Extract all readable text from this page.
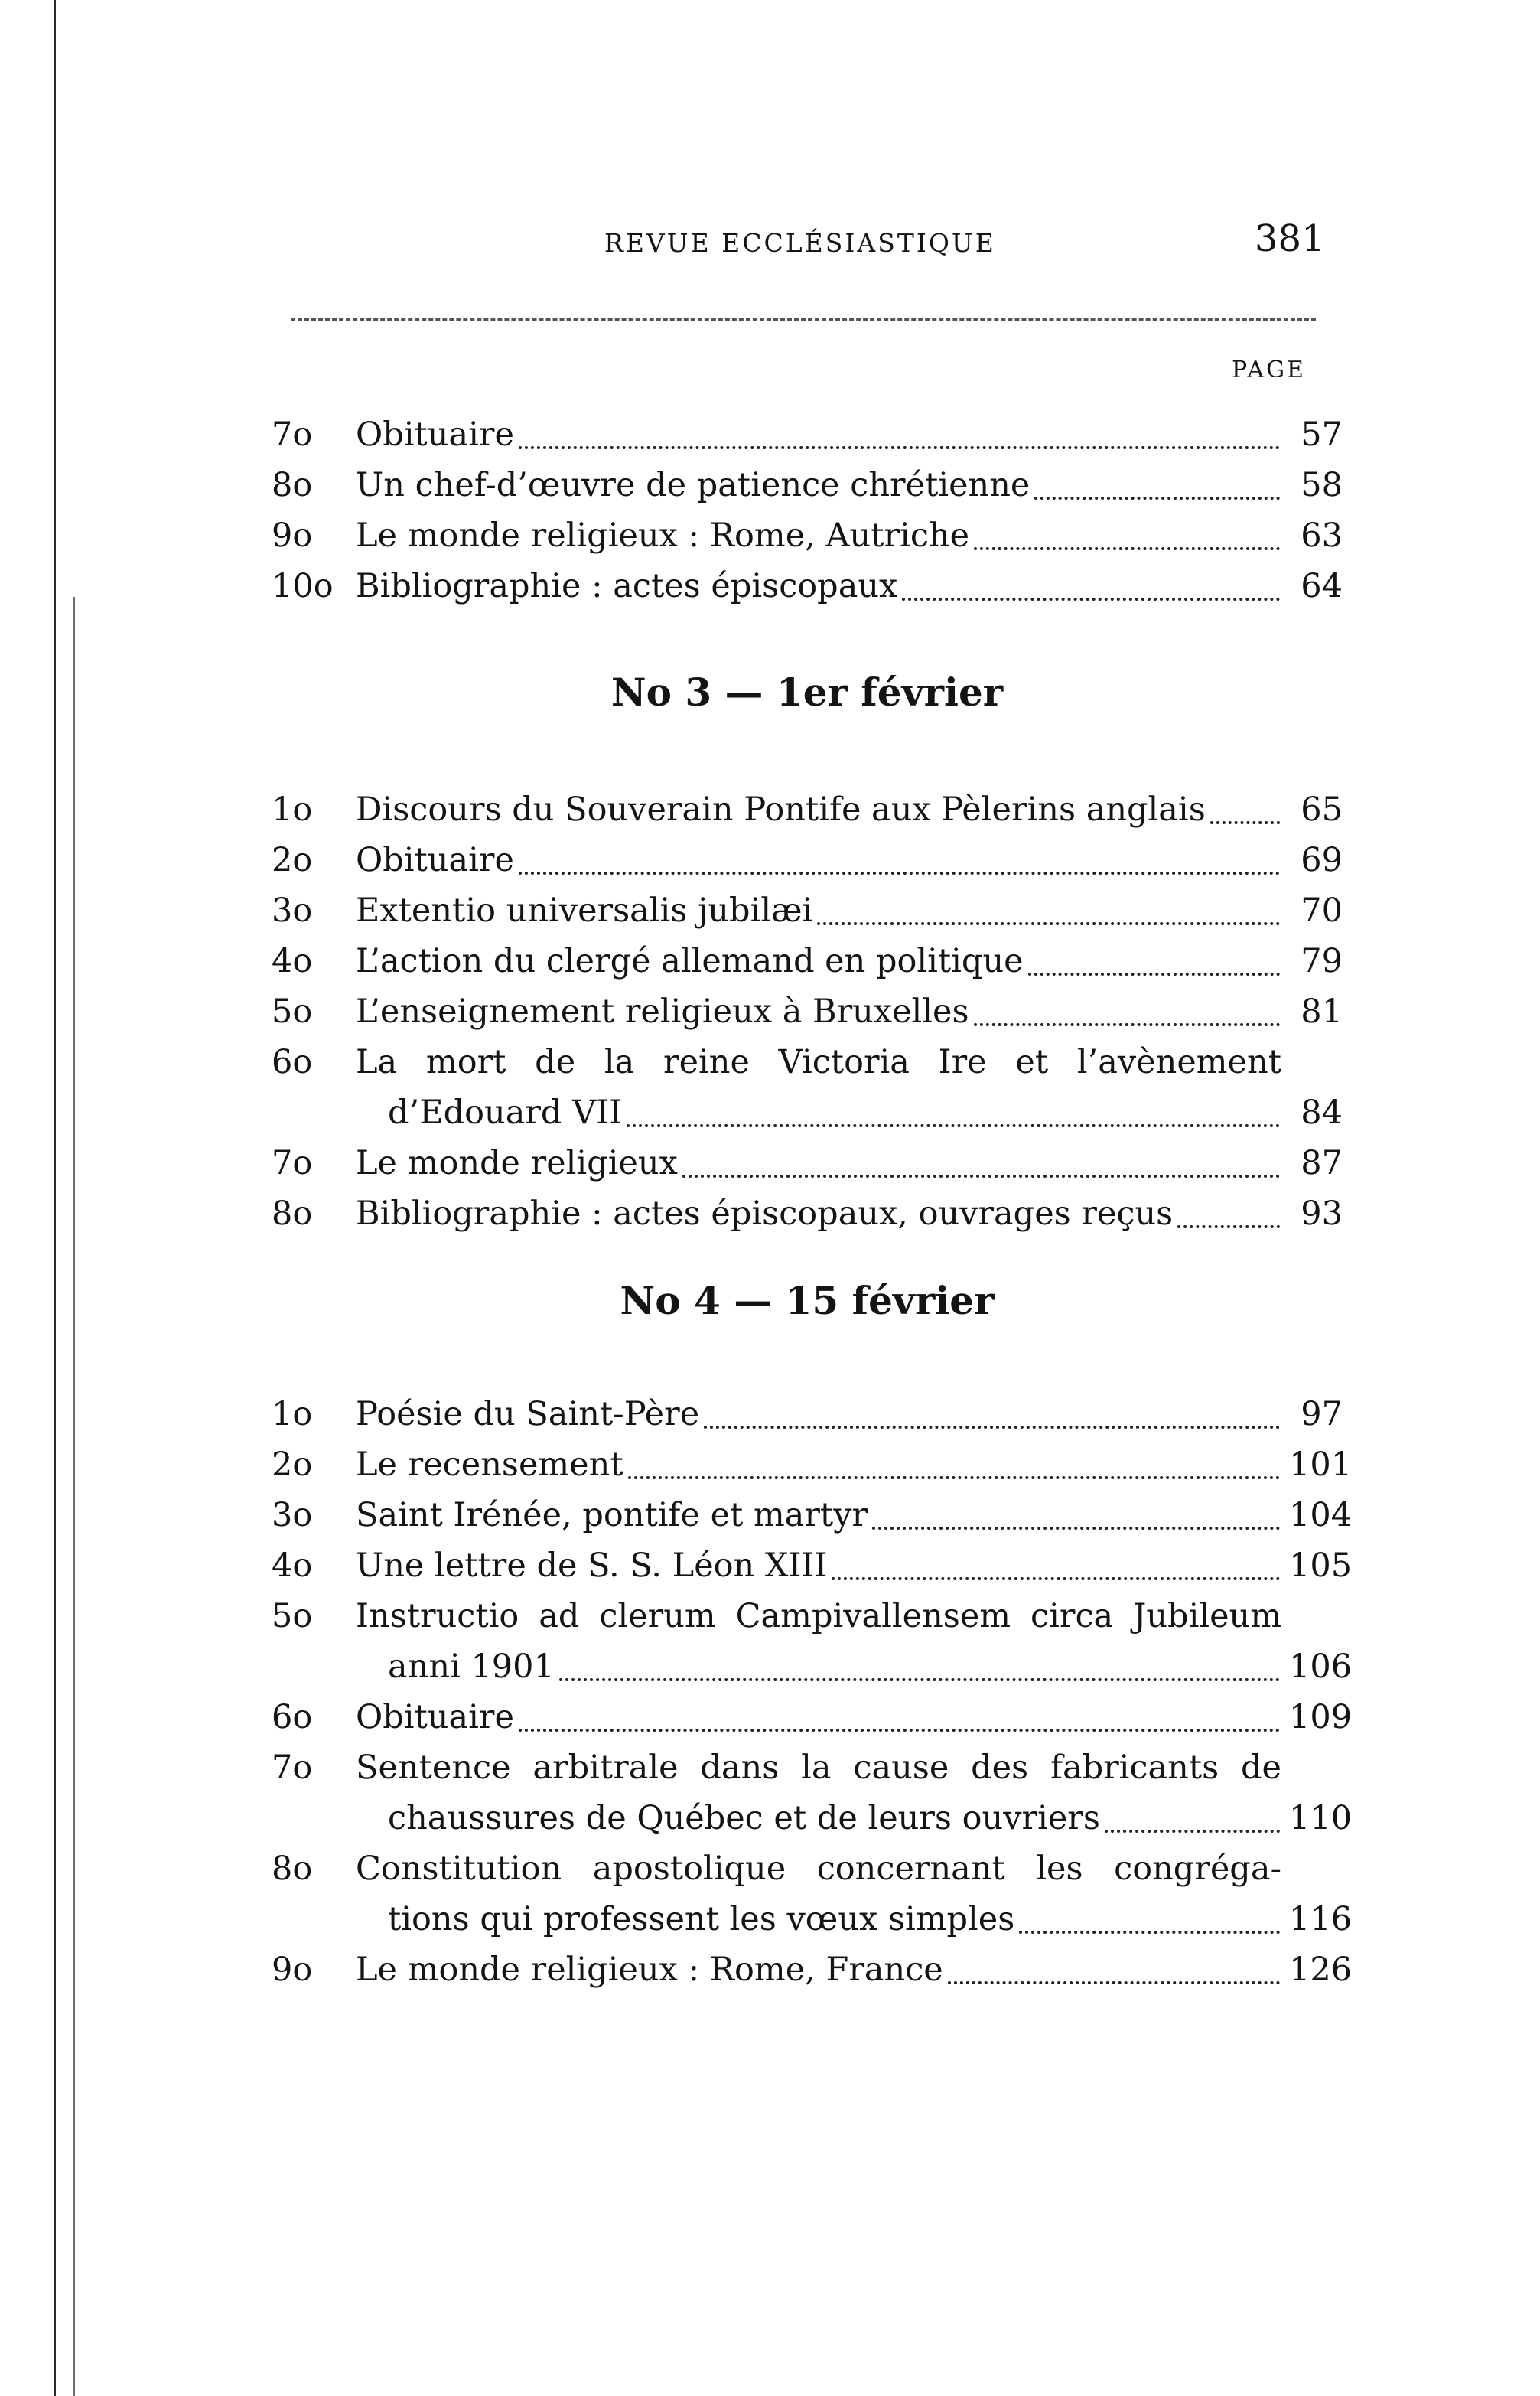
REVUE ECCLÉSIASTIQUE	381
PAGE
7o	Obituaire	57
8o	Un chef-d’œuvre de patience chrétienne	58
9o	Le monde religieux : Rome, Autriche	63
10o Bibliographie : actes épiscopaux	64
No 3 — 1er février
No 4 — 15 février
1o	Discours du Souverain Pontife aux Pèlerins anglais	65
2o	Obituaire	69
3o	Extentio universalis jubilæi	70
4o	L’action du clergé allemand en politique	79
5o	L’enseignement religieux à Bruxelles	81
6o	La mort de la reine Victoria Ire et l’avènement
d’Edouard VII	84
7o	Le monde religieux	87
8o	Bibliographie : actes épiscopaux, ouvrages reçus	93
1o	Poésie du Saint-Père	97
2o	Le recensement	101
3o	Saint Irénée, pontife et martyr	104
4o	Une lettre de S. S. Léon XIII	105
5o	Instructio ad clerum Campivallensem circa Jubileum
anni 1901	106
6o	Obituaire	109
7o	Sentence arbitrale dans la cause des fabricants de
chaussures de Québec et de leurs ouvriers	110
8o	Constitution apostolique concernant les congréga-
tions qui professent les vœux simples	116
9o	Le monde religieux : Rome, France	126
